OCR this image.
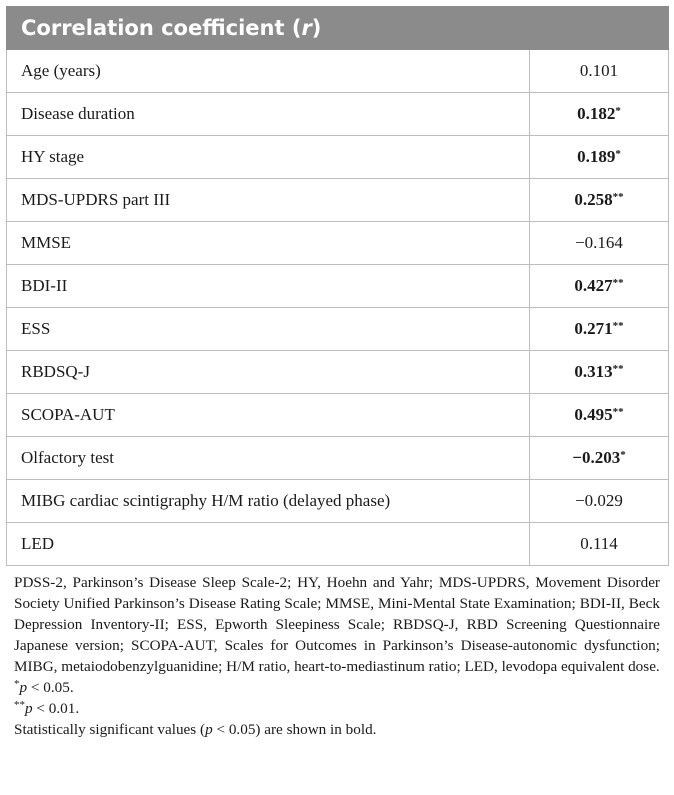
Correlation coefficient (r)	
Age (years)	0.101
Disease duration	0.182*
HY stage	0.189*
MDS-UPDRS part III	0.258**
MMSE	−0.164
BDI-II	0.427**
ESS	0.271**
RBDSQ-J	0.313**
SCOPA-AUT	0.495**
Olfactory test	−0.203*
MIBG cardiac scintigraphy H/M ratio (delayed phase)	−0.029
LED	0.114

PDSS-2, Parkinson’s Disease Sleep Scale-2; HY, Hoehn and Yahr; MDS-UPDRS, Movement Disorder Society Unified Parkinson’s Disease Rating Scale; MMSE, Mini-Mental State Examination; BDI-II, Beck Depression Inventory-II; ESS, Epworth Sleepiness Scale; RBDSQ-J, RBD Screening Questionnaire Japanese version; SCOPA-AUT, Scales for Outcomes in Parkinson’s Disease-autonomic dysfunction; MIBG, metaiodobenzylguanidine; H/M ratio, heart-to-mediastinum ratio; LED, levodopa equivalent dose.

*p < 0.05.

**p < 0.01.

Statistically significant values (p < 0.05) are shown in bold.
